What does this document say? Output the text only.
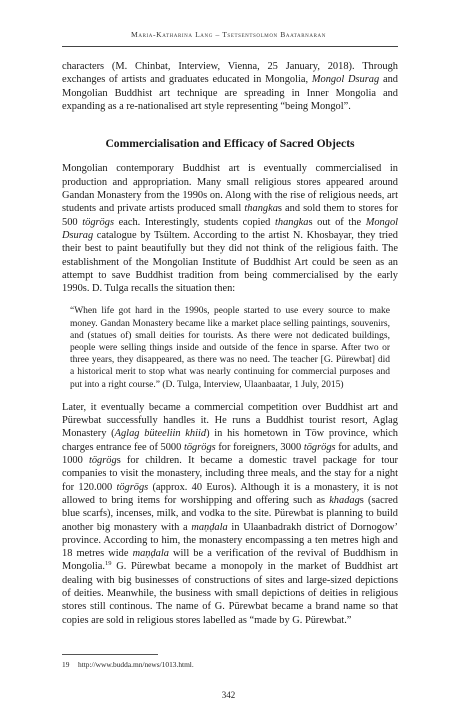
Maria-Katharina Lang – Tsetsentsolmon Baatarnaran

characters (M. Chinbat, Interview, Vienna, 25 January, 2018). Through exchanges of artists and graduates educated in Mongolia, Mongol Dsurag and Mongolian Buddhist art technique are spreading in Inner Mongolia and expanding as a re-nationalised art style representing “being Mongol”.

Commercialisation and Efficacy of Sacred Objects

Mongolian contemporary Buddhist art is eventually commercialised in production and appropriation. Many small religious stores appeared around Gandan Monastery from the 1990s on. Along with the rise of religious needs, art students and private artists produced small thangkas and sold them to stores for 500 tögrögs each. Interestingly, students copied thangkas out of the Mongol Dsurag catalogue by Tsültem. According to the artist N. Khosbayar, they tried their best to paint beautifully but they did not think of the religious faith. The establishment of the Mongolian Institute of Buddhist Art could be seen as an attempt to save Buddhist tradition from being commercialised by the early 1990s. D. Tulga recalls the situation then:

“When life got hard in the 1990s, people started to use every source to make money. Gandan Monastery became like a market place selling paintings, souvenirs, and (statues of) small deities for tourists. As there were not dedicated buildings, people were selling things inside and outside of the fence in sparse. After two or three years, they disappeared, as there was no need. The teacher [G. Pürewbat] did a historical merit to stop what was nearly continuing for commercial purposes and put into a right course.” (D. Tulga, Interview, Ulaanbaatar, 1 July, 2015)

Later, it eventually became a commercial competition over Buddhist art and Pürewbat successfully handles it. He runs a Buddhist tourist resort, Aglag Monastery (Aglag büteeliin khiid) in his hometown in Töw province, which charges entrance fee of 5000 tögrögs for foreigners, 3000 tögrögs for adults, and 1000 tögrögs for children. It became a domestic travel package for tour companies to visit the monastery, including three meals, and the stay for a night for 120.000 tögrögs (approx. 40 Euros). Although it is a monastery, it is not allowed to bring items for worshipping and offering such as khadags (sacred blue scarfs), incenses, milk, and vodka to the site. Pürewbat is planning to build another big monastery with a maṇḍala in Ulaanbadrakh district of Dornogow’ province. According to him, the monastery encompassing a ten metres high and 18 metres wide maṇḍala will be a verification of the revival of Buddhism in Mongolia.$^{19}$ G. Pürewbat became a monopoly in the market of Buddhist art dealing with big businesses of constructions of sites and large-sized depictions of deities. Meanwhile, the business with small depictions of deities in religious stores still continous. The name of G. Pürewbat became a brand name so that copies are sold in religious stores labelled as “made by G. Pürewbat.”

19 http://www.budda.mn/news/1013.html.
342
